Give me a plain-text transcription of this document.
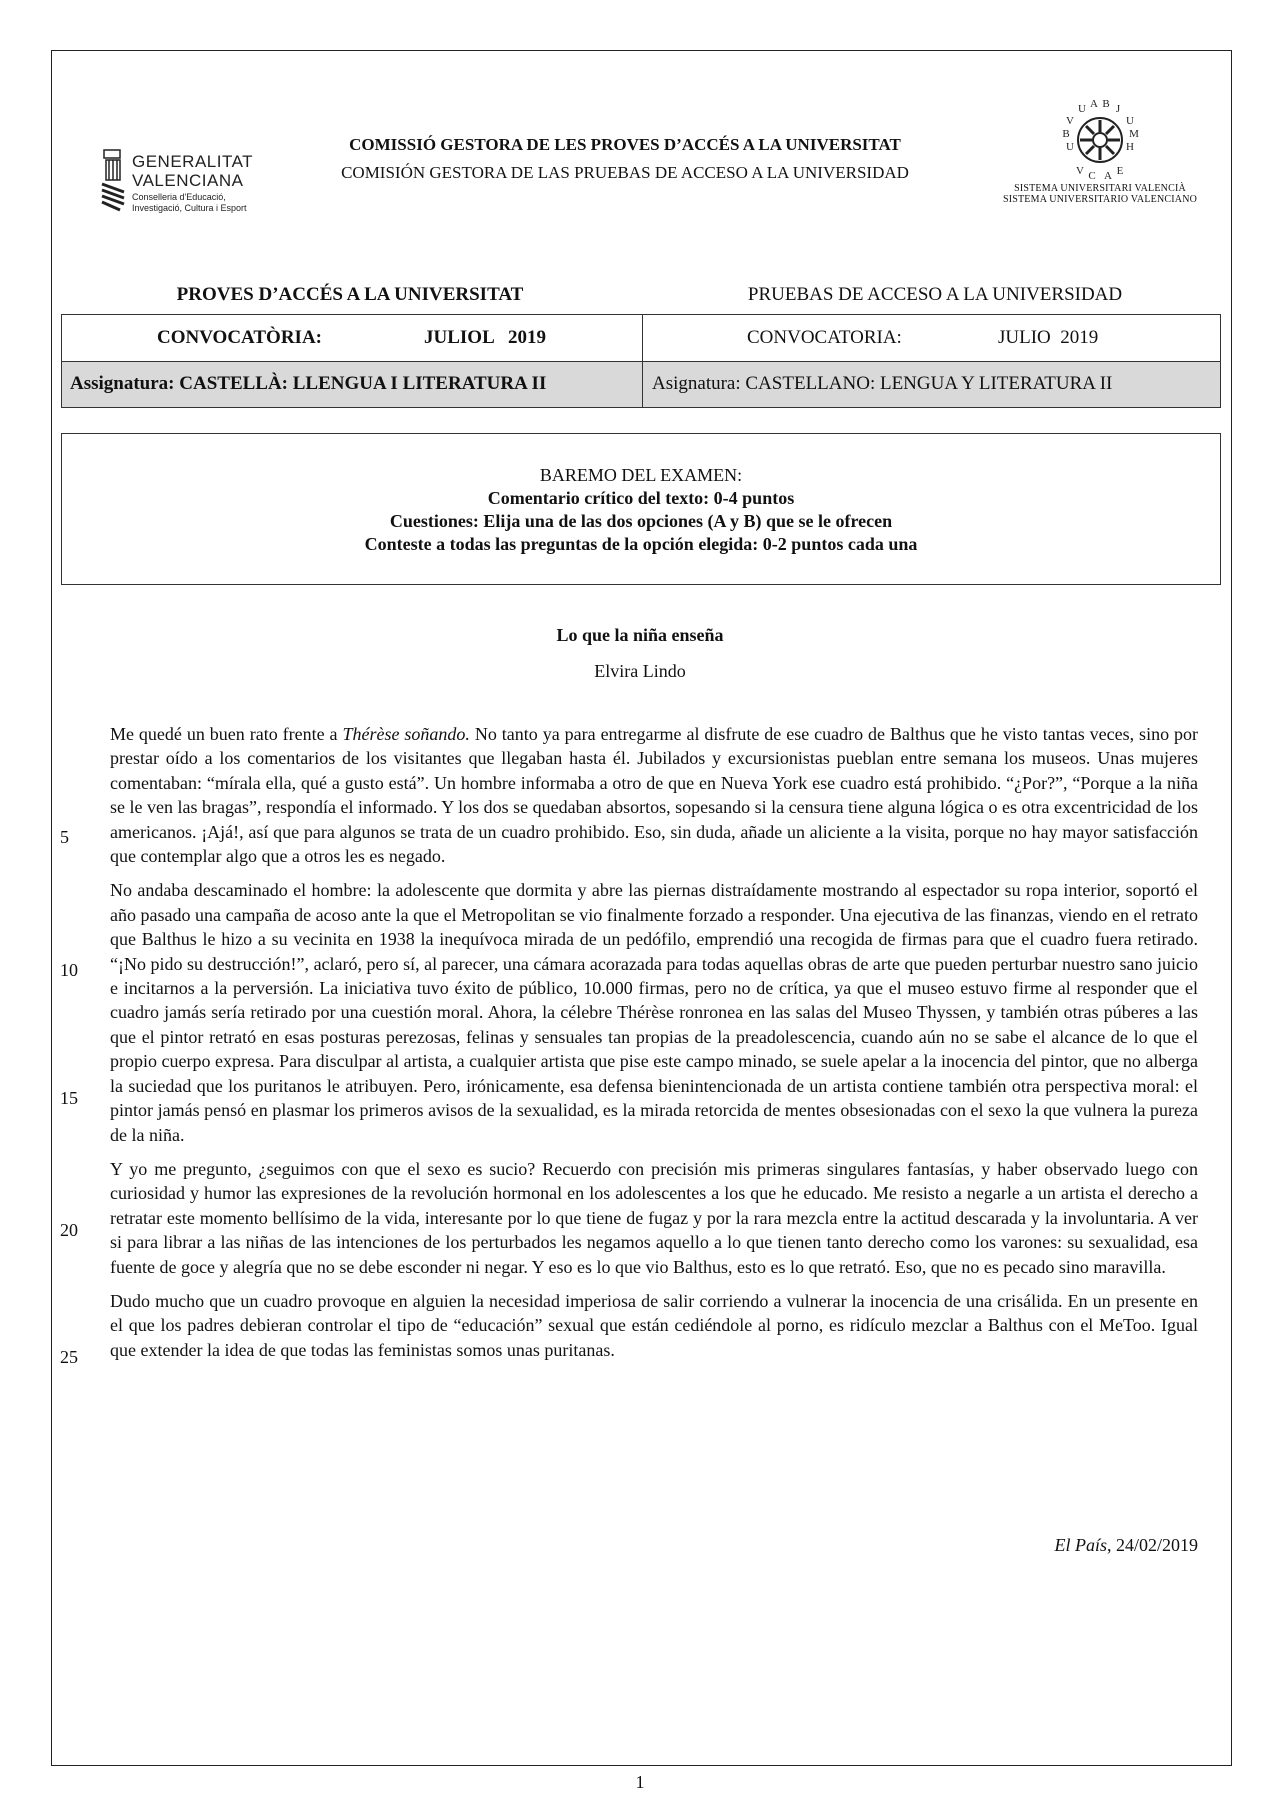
GENERALITAT
VALENCIANA
Conselleria d'Educació,
Investigació, Cultura i Esport
COMISSIÓ GESTORA DE LES PROVES D’ACCÉS A LA UNIVERSITAT
COMISIÓN GESTORA DE LAS PRUEBAS DE ACCESO A LA UNIVERSIDAD
U A B J
U
M
H
E
V
B
U
V C A
SISTEMA UNIVERSITARI VALENCIÀ
SISTEMA UNIVERSITARIO VALENCIANO
PROVES D’ACCÉS A LA UNIVERSITAT	PRUEBAS DE ACCESO A LA UNIVERSIDAD
CONVOCATÒRIA:	JULIOL   2019	CONVOCATORIA:	JULIO  2019
Assignatura: CASTELLÀ: LLENGUA I LITERATURA II	Asignatura: CASTELLANO: LENGUA Y LITERATURA II
BAREMO DEL EXAMEN:
Comentario crítico del texto: 0-4 puntos
Cuestiones: Elija una de las dos opciones (A y B) que se le ofrecen
Conteste a todas las preguntas de la opción elegida: 0-2 puntos cada una
Lo que la niña enseña
Elvira Lindo
5
10
15
20
25

Me quedé un buen rato frente a Thérèse soñando. No tanto ya para entregarme al disfrute de ese cuadro de Balthus que he visto tantas veces, sino por prestar oído a los comentarios de los visitantes que llegaban hasta él. Jubilados y excursionistas pueblan entre semana los museos. Unas mujeres comentaban: “mírala ella, qué a gusto está”. Un hombre informaba a otro de que en Nueva York ese cuadro está prohibido. “¿Por?”, “Porque a la niña se le ven las bragas”, respondía el informado. Y los dos se quedaban absortos, sopesando si la censura tiene alguna lógica o es otra excentricidad de los americanos. ¡Ajá!, así que para algunos se trata de un cuadro prohibido. Eso, sin duda, añade un aliciente a la visita, porque no hay mayor satisfacción que contemplar algo que a otros les es negado.

No andaba descaminado el hombre: la adolescente que dormita y abre las piernas distraídamente mostrando al espectador su ropa interior, soportó el año pasado una campaña de acoso ante la que el Metropolitan se vio finalmente forzado a responder. Una ejecutiva de las finanzas, viendo en el retrato que Balthus le hizo a su vecinita en 1938 la inequívoca mirada de un pedófilo, emprendió una recogida de firmas para que el cuadro fuera retirado. “¡No pido su destrucción!”, aclaró, pero sí, al parecer, una cámara acorazada para todas aquellas obras de arte que pueden perturbar nuestro sano juicio e incitarnos a la perversión. La iniciativa tuvo éxito de público, 10.000 firmas, pero no de crítica, ya que el museo estuvo firme al responder que el cuadro jamás sería retirado por una cuestión moral. Ahora, la célebre Thérèse ronronea en las salas del Museo Thyssen, y también otras púberes a las que el pintor retrató en esas posturas perezosas, felinas y sensuales tan propias de la preadolescencia, cuando aún no se sabe el alcance de lo que el propio cuerpo expresa. Para disculpar al artista, a cualquier artista que pise este campo minado, se suele apelar a la inocencia del pintor, que no alberga la suciedad que los puritanos le atribuyen. Pero, irónicamente, esa defensa bienintencionada de un artista contiene también otra perspectiva moral: el pintor jamás pensó en plasmar los primeros avisos de la sexualidad, es la mirada retorcida de mentes obsesionadas con el sexo la que vulnera la pureza de la niña.

Y yo me pregunto, ¿seguimos con que el sexo es sucio? Recuerdo con precisión mis primeras singulares fantasías, y haber observado luego con curiosidad y humor las expresiones de la revolución hormonal en los adolescentes a los que he educado. Me resisto a negarle a un artista el derecho a retratar este momento bellísimo de la vida, interesante por lo que tiene de fugaz y por la rara mezcla entre la actitud descarada y la involuntaria. A ver si para librar a las niñas de las intenciones de los perturbados les negamos aquello a lo que tienen tanto derecho como los varones: su sexualidad, esa fuente de goce y alegría que no se debe esconder ni negar. Y eso es lo que vio Balthus, esto es lo que retrató. Eso, que no es pecado sino maravilla.

Dudo mucho que un cuadro provoque en alguien la necesidad imperiosa de salir corriendo a vulnerar la inocencia de una crisálida. En un presente en el que los padres debieran controlar el tipo de “educación” sexual que están cediéndole al porno, es ridículo mezclar a Balthus con el MeToo. Igual que extender la idea de que todas las feministas somos unas puritanas.

El País, 24/02/2019
1
